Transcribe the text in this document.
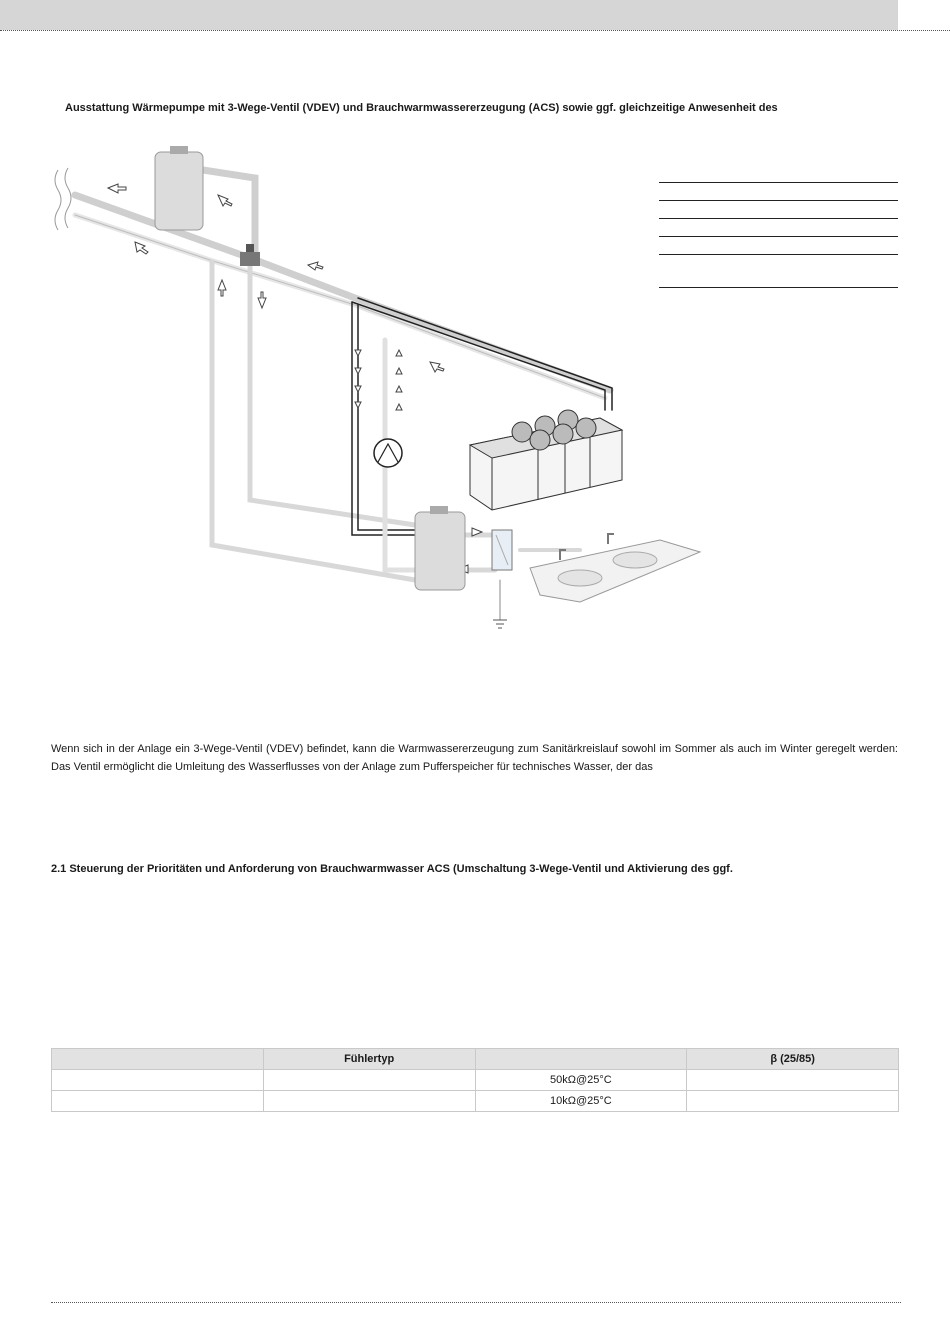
Ausstattung Wärmepumpe mit 3-Wege-Ventil (VDEV) und Brauchwarmwassererzeugung (ACS) sowie ggf. gleichzeitige Anwesenheit des
Wenn sich in der Anlage ein 3-Wege-Ventil (VDEV) befindet, kann die Warmwassererzeugung zum Sanitärkreislauf sowohl im Sommer als auch im Winter geregelt werden: Das Ventil ermöglicht die Umleitung des Wasserflusses von der Anlage zum Pufferspeicher für technisches Wasser, der das
2.1 Steuerung der Prioritäten und Anforderung von Brauchwarmwasser ACS (Umschaltung 3-Wege-Ventil und Aktivierung des ggf.
	Fühlertyp		β (25/85)
		50kΩ@25°C	
		10kΩ@25°C	
